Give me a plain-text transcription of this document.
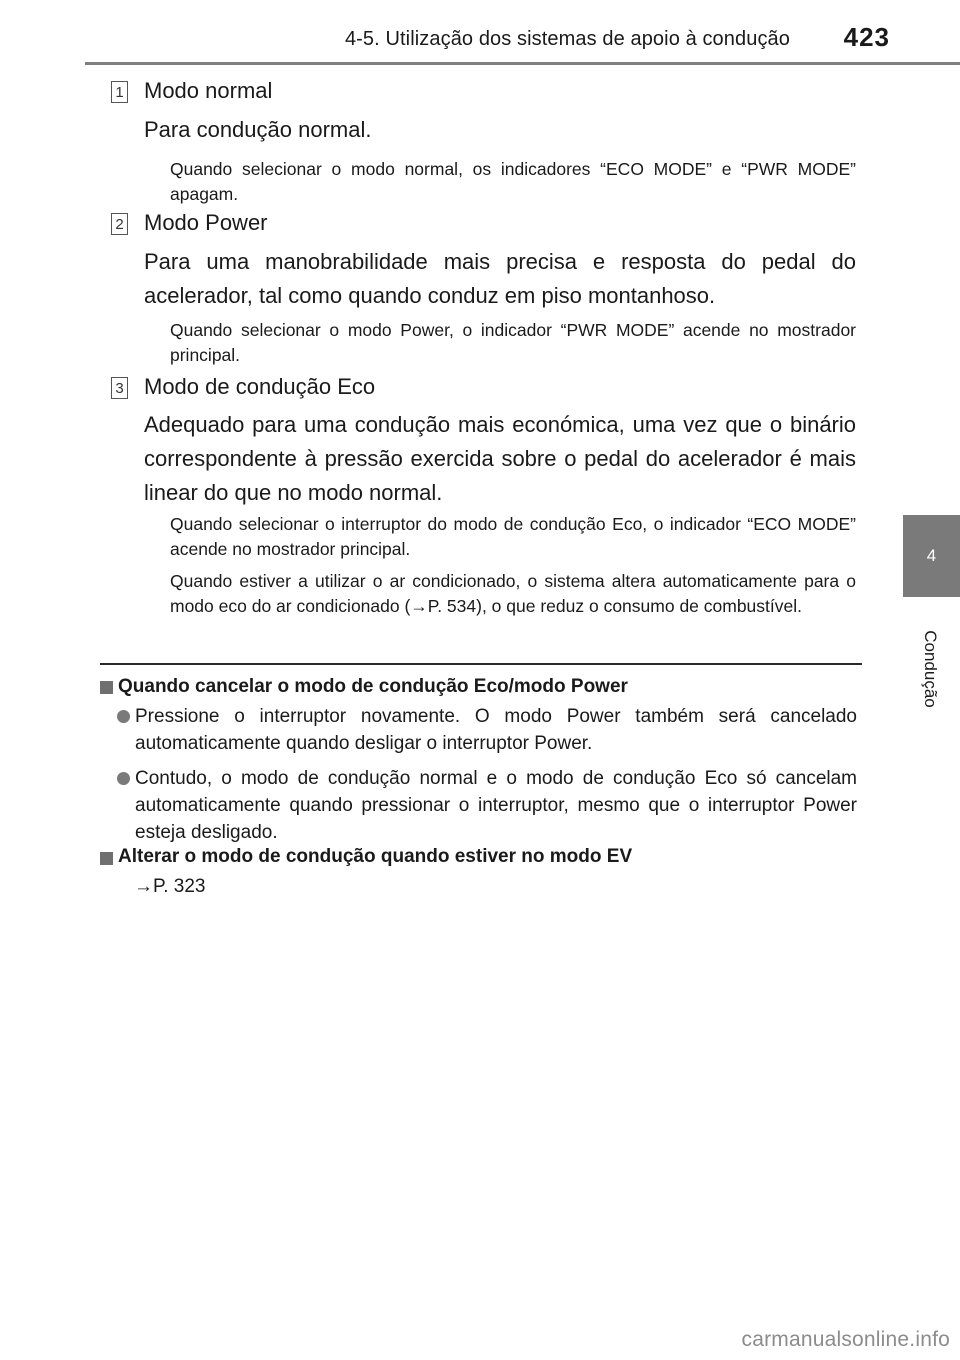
4-5. Utilização dos sistemas de apoio à condução	423
4
Condução
1 Modo normal
Para condução normal.
Quando selecionar o modo normal, os indicadores “ECO MODE” e “PWR MODE” apagam.
2 Modo Power
Para uma manobrabilidade mais precisa e resposta do pedal do acelerador, tal como quando conduz em piso montanhoso.
Quando selecionar o modo Power, o indicador “PWR MODE” acende no mostrador principal.
3 Modo de condução Eco
Adequado para uma condução mais económica, uma vez que o binário correspondente à pressão exercida sobre o pedal do acelerador é mais linear do que no modo normal.
Quando selecionar o interruptor do modo de condução Eco, o indicador “ECO MODE” acende no mostrador principal.
Quando estiver a utilizar o ar condicionado, o sistema altera automaticamente para o modo eco do ar condicionado (→P. 534), o que reduz o consumo de combustível.
Quando cancelar o modo de condução Eco/modo Power
Pressione o interruptor novamente. O modo Power também será cancelado automaticamente quando desligar o interruptor Power.
Contudo, o modo de condução normal e o modo de condução Eco só cancelam automaticamente quando pressionar o interruptor, mesmo que o interruptor Power esteja desligado.
Alterar o modo de condução quando estiver no modo EV
→P. 323
carmanualsonline.info
